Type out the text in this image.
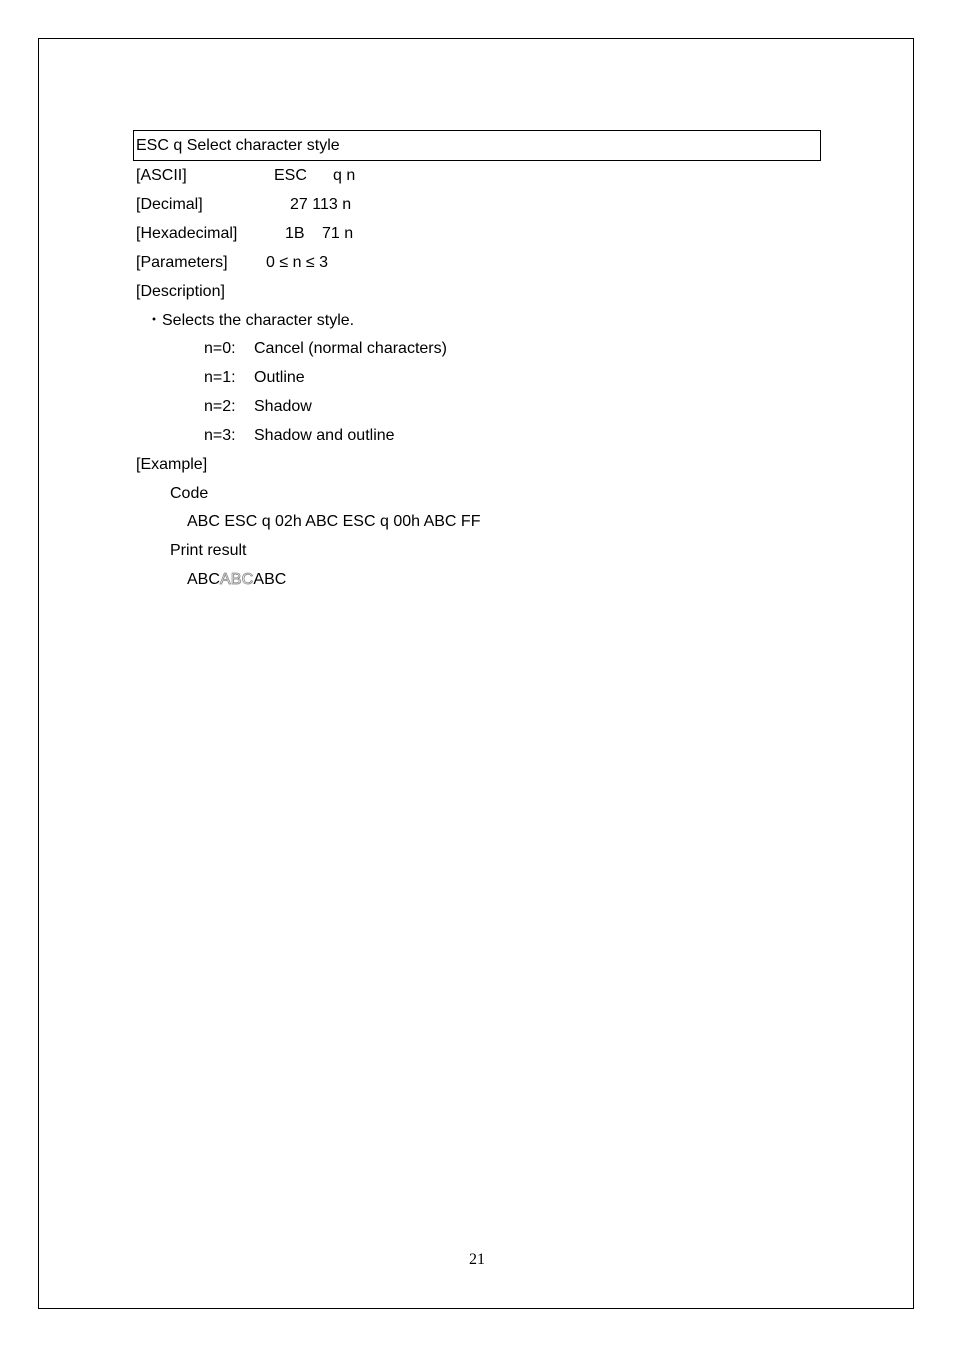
ESC q Select character style
[ASCII]	ESC q n
[Decimal]	27 113 n
[Hexadecimal]	1B 71 n
[Parameters] 0 ≤ n ≤ 3
[Description]
・Selects the character style.
n=0: Cancel (normal characters)
n=1: Outline
n=2: Shadow
n=3: Shadow and outline
[Example]
Code
ABC ESC q 02h ABC ESC q 00h ABC FF
Print result
ABCABCABC
21
